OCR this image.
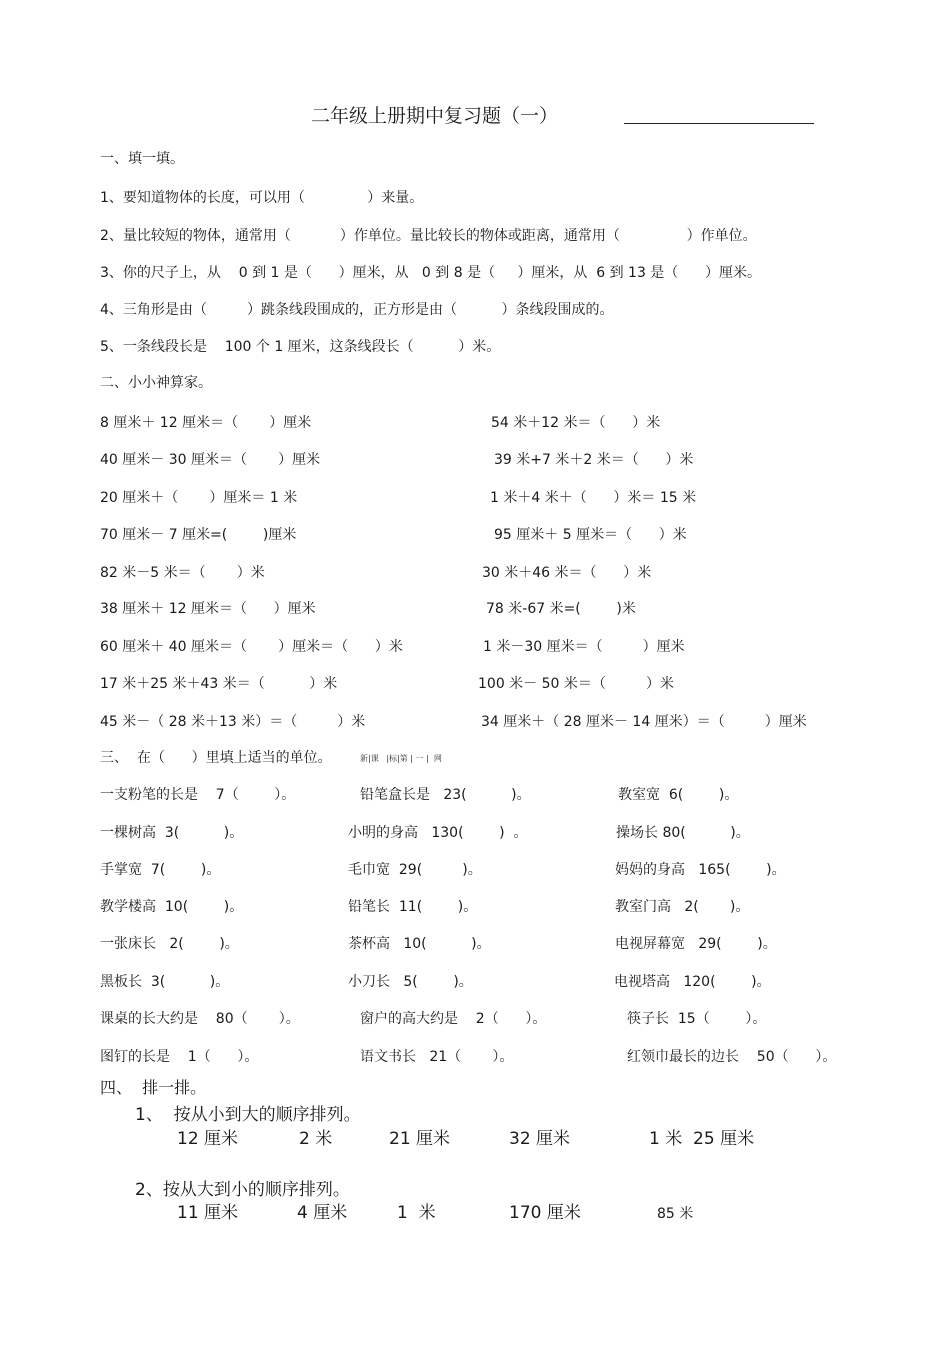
二年级上册期中复习题（一）
一、填一填。
1、要知道物体的长度，可以用（              ）来量。
2、量比较短的物体，通常用（           ）作单位。量比较长的物体或距离，通常用（               ）作单位。
3、你的尺子上，从    0 到 1 是（      ）厘米，从   0 到 8 是（     ）厘米，从  6 到 13 是（      ）厘米。
4、三角形是由（         ）跳条线段围成的，正方形是由（          ）条线段围成的。
5、一条线段长是    100 个 1 厘米，这条线段长（          ）米。
二、小小神算家。
8 厘米＋ 12 厘米＝（       ）厘米	54 米＋12 米＝（      ）米
40 厘米－ 30 厘米＝（       ）厘米	39 米+7 米＋2 米＝（      ）米
20 厘米＋（       ）厘米＝ 1 米	1 米＋4 米＋（      ）米＝ 15 米
70 厘米－ 7 厘米=(        )厘米	95 厘米＋ 5 厘米＝（      ）米
82 米－5 米＝（       ）米	30 米＋46 米＝（      ）米
38 厘米＋ 12 厘米＝（      ）厘米	78 米-67 米=(        )米
60 厘米＋ 40 厘米＝（       ）厘米＝（      ）米	1 米－30 厘米＝（         ）厘米
17 米＋25 米＋43 米＝（          ）米	100 米－ 50 米＝（         ）米
45 米－（ 28 米＋13 米）＝（         ）米	34 厘米＋（ 28 厘米－ 14 厘米）＝（         ）厘米
三、  在（      ）里填上适当的单位。	新|课   |标|第 | 一 |  网
一支粉笔的长是    7（        ）。	铅笔盒长是   23(          )。	教室宽  6(        )。
一棵树高  3(          )。	小明的身高   130(        )  。	操场长 80(          )。
手掌宽  7(        )。	毛巾宽  29(         )。	妈妈的身高   165(        )。
教学楼高  10(        )。	铅笔长  11(        )。	教室门高   2(       )。
一张床长   2(        )。	茶杯高   10(          )。	电视屏幕宽   29(        )。
黑板长  3(          )。	小刀长   5(        )。	电视塔高   120(        )。
课桌的长大约是    80（       ）。	窗户的高大约是    2（      ）。	筷子长  15（        ）。
图钉的长是    1（      ）。	语文书长   21（       ）。	红领巾最长的边长    50（      ）。
四、  排一排。
1、  按从小到大的顺序排列。
12 厘米	2 米	21 厘米	32 厘米	1 米  25 厘米
2、按从大到小的顺序排列。
11 厘米	4 厘米	1  米	170 厘米	85 米
